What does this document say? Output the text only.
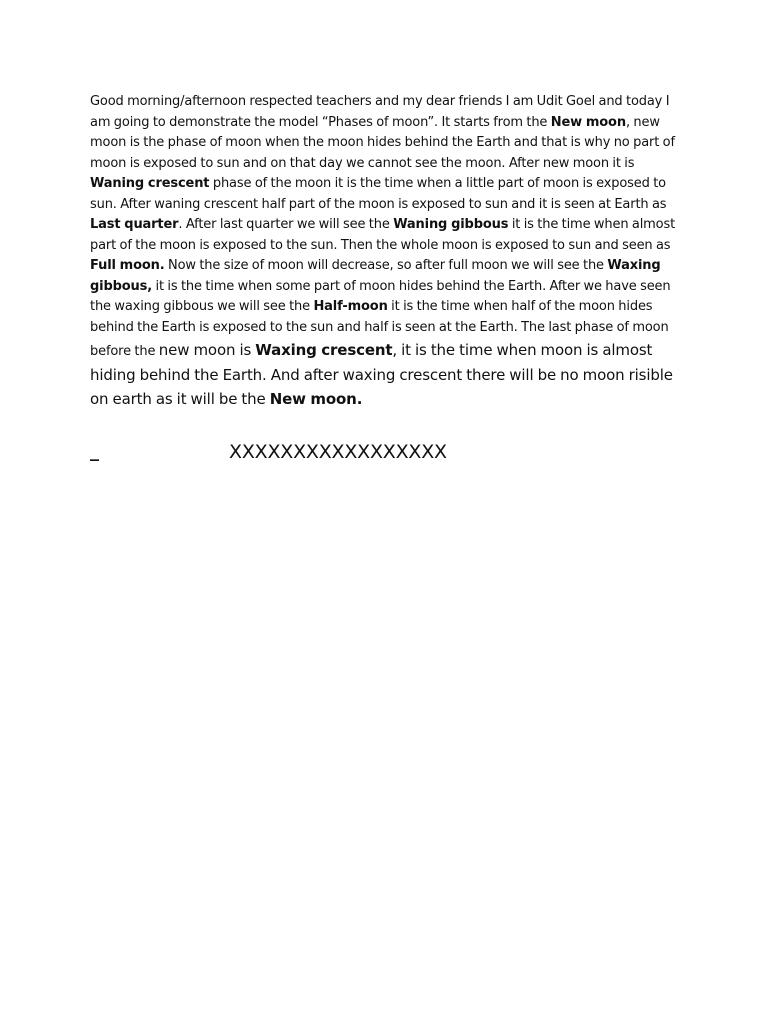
Good morning/afternoon respected teachers and my dear friends I am Udit Goel and today I am going to demonstrate the model “Phases of moon”. It starts from the New moon, new moon is the phase of moon when the moon hides behind the Earth and that is why no part of moon is exposed to sun and on that day we cannot see the moon. After new moon it is Waning crescent phase of the moon it is the time when a little part of moon is exposed to sun. After waning crescent half part of the moon is exposed to sun and it is seen at Earth as Last quarter. After last quarter we will see the Waning gibbous it is the time when almost part of the moon is exposed to the sun. Then the whole moon is exposed to sun and seen as Full moon. Now the size of moon will decrease, so after full moon we will see the Waxing gibbous, it is the time when some part of moon hides behind the Earth. After we have seen the waxing gibbous we will see the Half-moon it is the time when half of the moon hides behind the Earth is exposed to the sun and half is seen at the Earth. The last phase of moon before the new moon is Waxing crescent, it is the time when moon is almost hiding behind the Earth. And after waxing crescent there will be no moon risible on earth as it will be the New moon.

_	XXXXXXXXXXXXXXXXX
